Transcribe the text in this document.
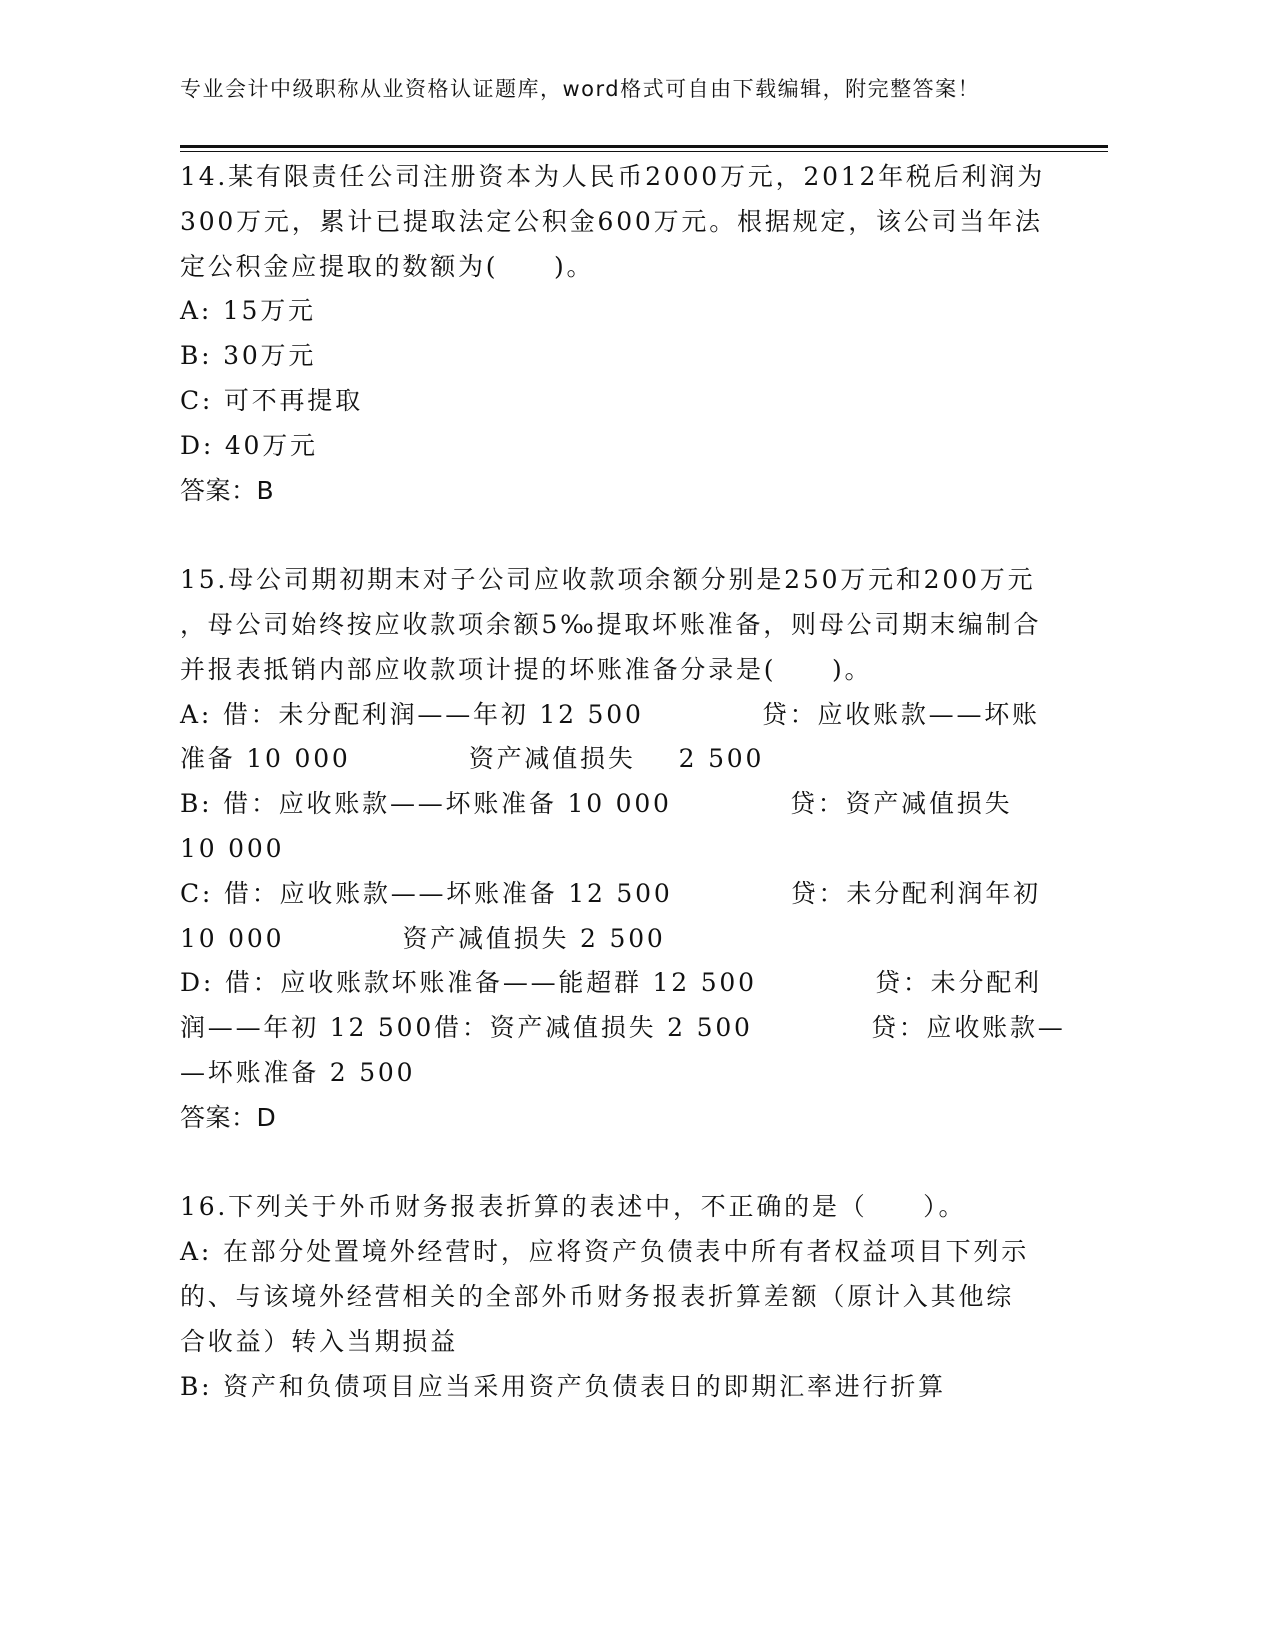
专业会计中级职称从业资格认证题库，word格式可自由下载编辑，附完整答案！

14.某有限责任公司注册资本为人民币2000万元，2012年税后利润为

300万元，累计已提取法定公积金600万元。根据规定，该公司当年法

定公积金应提取的数额为(　　)。

A: 15万元

B: 30万元

C: 可不再提取

D: 40万元

答案：B

15.母公司期初期末对子公司应收款项余额分别是250万元和200万元

，母公司始终按应收款项余额5‰提取坏账准备，则母公司期末编制合

并报表抵销内部应收款项计提的坏账准备分录是(　　)。

A: 借：未分配利润——年初 12 500           贷：应收账款——坏账

准备 10 000           资产减值损失    2 500

B: 借：应收账款——坏账准备 10 000           贷：资产减值损失

10 000

C: 借：应收账款——坏账准备 12 500           贷：未分配利润年初

10 000           资产减值损失 2 500

D: 借：应收账款坏账准备——能超群 12 500           贷：未分配利

润——年初 12 500借：资产减值损失 2 500           贷：应收账款—

—坏账准备 2 500

答案：D

16.下列关于外币财务报表折算的表述中，不正确的是（　　）。

A: 在部分处置境外经营时，应将资产负债表中所有者权益项目下列示

的、与该境外经营相关的全部外币财务报表折算差额（原计入其他综

合收益）转入当期损益

B: 资产和负债项目应当采用资产负债表日的即期汇率进行折算
